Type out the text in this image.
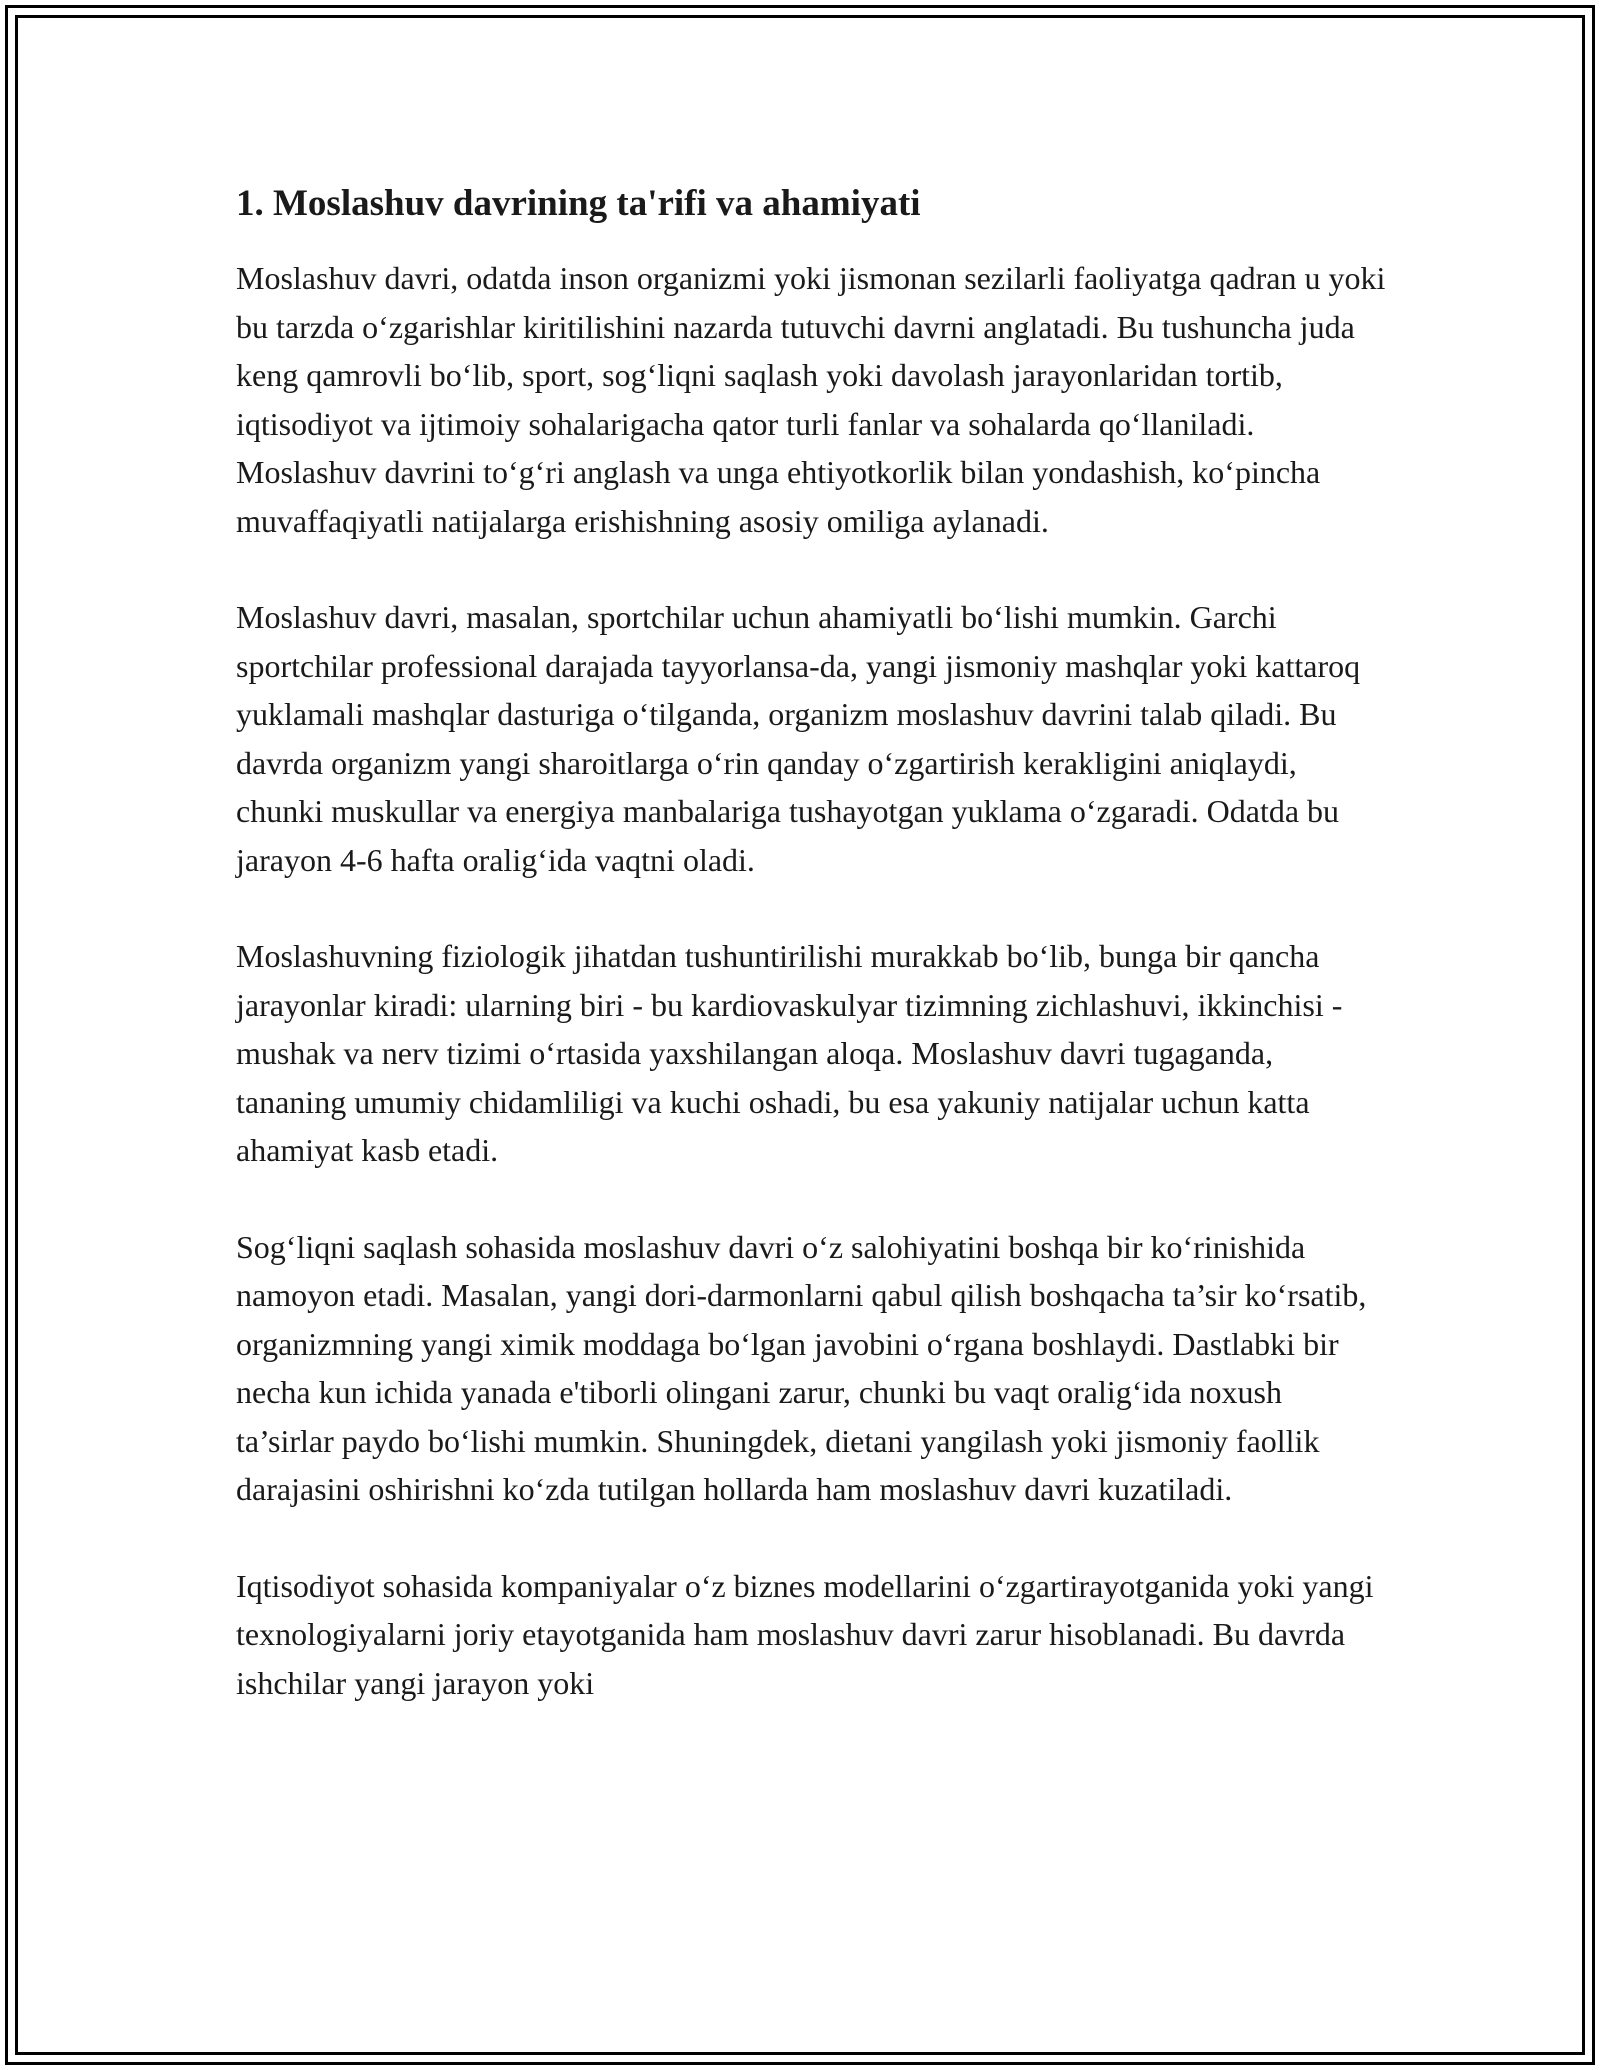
1. Moslashuv davrining ta'rifi va ahamiyati

Moslashuv davri, odatda inson organizmi yoki jismonan sezilarli faoliyatga qadran u yoki bu tarzda o‘zgarishlar kiritilishini nazarda tutuvchi davrni anglatadi. Bu tushuncha juda keng qamrovli bo‘lib, sport, sog‘liqni saqlash yoki davolash jarayonlaridan tortib, iqtisodiyot va ijtimoiy sohalarigacha qator turli fanlar va sohalarda qo‘llaniladi. Moslashuv davrini to‘g‘ri anglash va unga ehtiyotkorlik bilan yondashish, ko‘pincha muvaffaqiyatli natijalarga erishishning asosiy omiliga aylanadi.

Moslashuv davri, masalan, sportchilar uchun ahamiyatli bo‘lishi mumkin. Garchi sportchilar professional darajada tayyorlansa-da, yangi jismoniy mashqlar yoki kattaroq yuklamali mashqlar dasturiga o‘tilganda, organizm moslashuv davrini talab qiladi. Bu davrda organizm yangi sharoitlarga o‘rin qanday o‘zgartirish kerakligini aniqlaydi, chunki muskullar va energiya manbalariga tushayotgan yuklama o‘zgaradi. Odatda bu jarayon 4-6 hafta oralig‘ida vaqtni oladi.

Moslashuvning fiziologik jihatdan tushuntirilishi murakkab bo‘lib, bunga bir qancha jarayonlar kiradi: ularning biri - bu kardiovaskulyar tizimning zichlashuvi, ikkinchisi - mushak va nerv tizimi o‘rtasida yaxshilangan aloqa. Moslashuv davri tugaganda, tananing umumiy chidamliligi va kuchi oshadi, bu esa yakuniy natijalar uchun katta ahamiyat kasb etadi.

Sog‘liqni saqlash sohasida moslashuv davri o‘z salohiyatini boshqa bir ko‘rinishida namoyon etadi. Masalan, yangi dori-darmonlarni qabul qilish boshqacha ta’sir ko‘rsatib, organizmning yangi ximik moddaga bo‘lgan javobini o‘rgana boshlaydi. Dastlabki bir necha kun ichida yanada e'tiborli olingani zarur, chunki bu vaqt oralig‘ida noxush ta’sirlar paydo bo‘lishi mumkin. Shuningdek, dietani yangilash yoki jismoniy faollik darajasini oshirishni ko‘zda tutilgan hollarda ham moslashuv davri kuzatiladi.

Iqtisodiyot sohasida kompaniyalar o‘z biznes modellarini o‘zgartirayotganida yoki yangi texnologiyalarni joriy etayotganida ham moslashuv davri zarur hisoblanadi. Bu davrda ishchilar yangi jarayon yoki
